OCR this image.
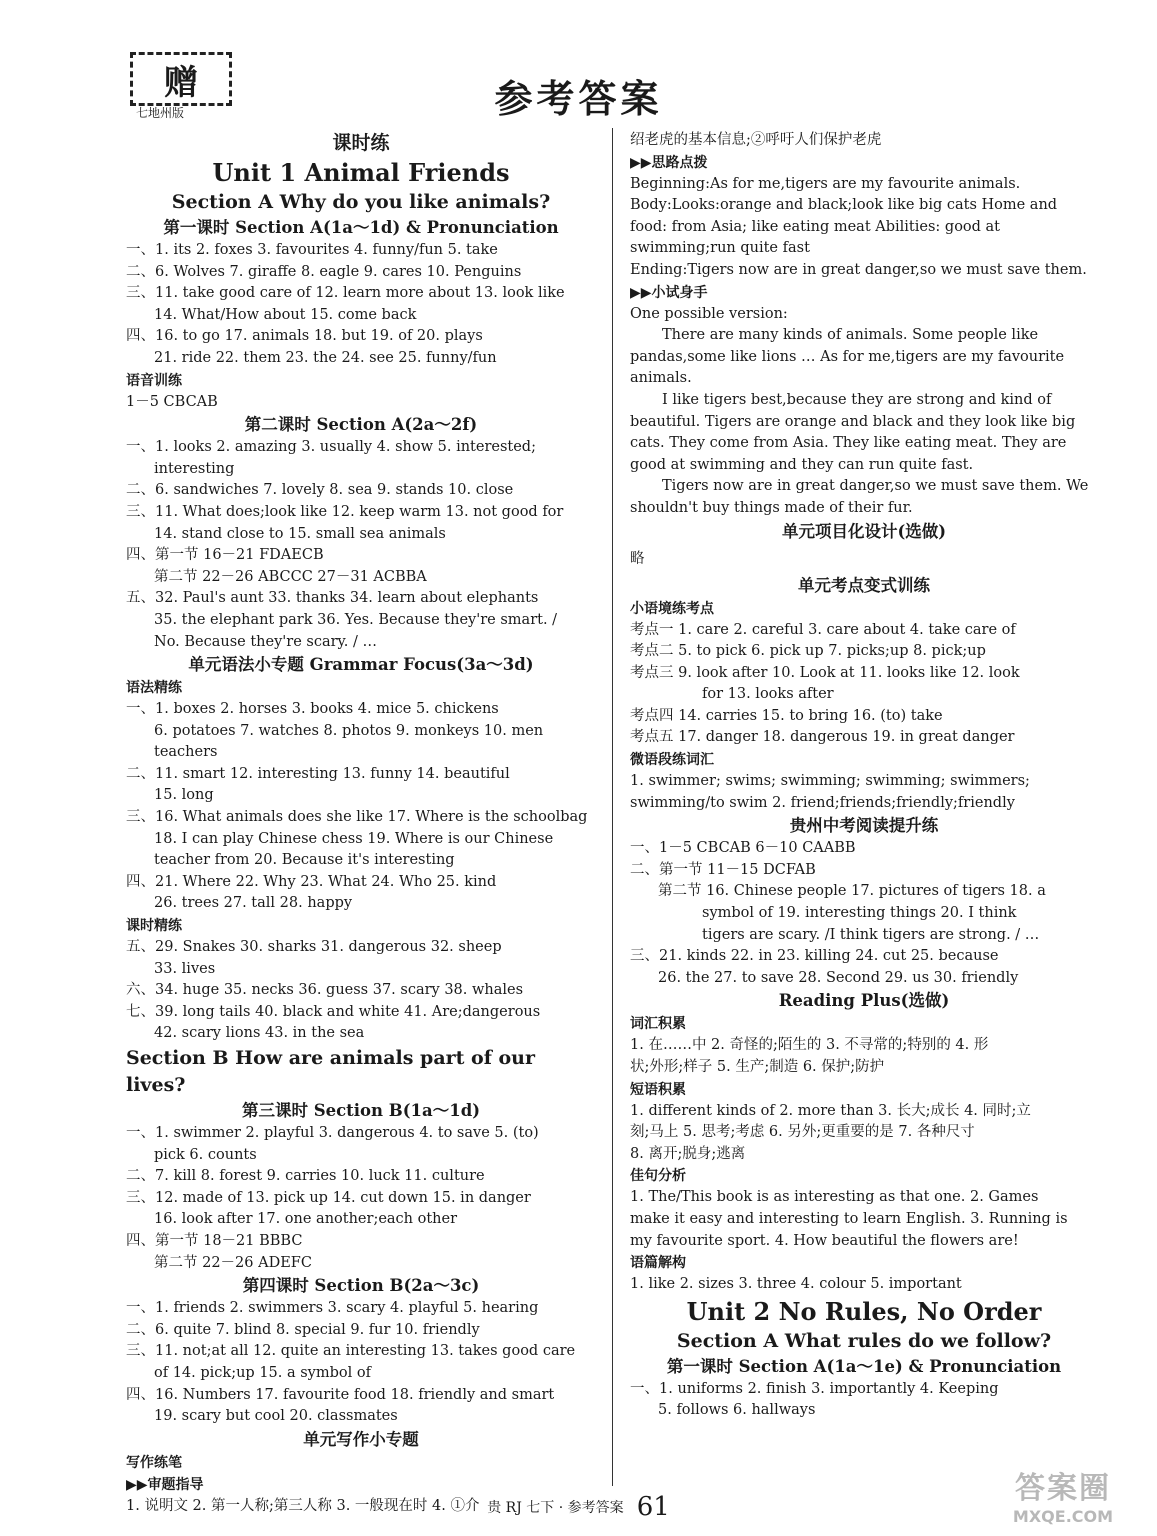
赠
七地州版	参考答案
课时练
Unit 1 Animal Friends
Section A Why do you like animals?
第一课时 Section A(1a～1d) & Pronunciation
一、1. its 2. foxes 3. favourites 4. funny/fun 5. take
二、6. Wolves 7. giraffe 8. eagle 9. cares 10. Penguins
三、11. take good care of 12. learn more about 13. look like
14. What/How about 15. come back
四、16. to go 17. animals 18. but 19. of 20. plays
21. ride 22. them 23. the 24. see 25. funny/fun
语音训练
1－5 CBCAB
第二课时 Section A(2a～2f)
一、1. looks 2. amazing 3. usually 4. show 5. interested;
interesting
二、6. sandwiches 7. lovely 8. sea 9. stands 10. close
三、11. What does;look like 12. keep warm 13. not good for
14. stand close to 15. small sea animals
四、第一节 16－21 FDAECB
第二节 22－26 ABCCC 27－31 ACBBA
五、32. Paul's aunt 33. thanks 34. learn about elephants
35. the elephant park 36. Yes. Because they're smart. /
No. Because they're scary. / …
单元语法小专题 Grammar Focus(3a～3d)
语法精练
一、1. boxes 2. horses 3. books 4. mice 5. chickens
6. potatoes 7. watches 8. photos 9. monkeys 10. men
teachers
二、11. smart 12. interesting 13. funny 14. beautiful
15. long
三、16. What animals does she like 17. Where is the schoolbag
18. I can play Chinese chess 19. Where is our Chinese
teacher from 20. Because it's interesting
四、21. Where 22. Why 23. What 24. Who 25. kind
26. trees 27. tall 28. happy
课时精练
五、29. Snakes 30. sharks 31. dangerous 32. sheep
33. lives
六、34. huge 35. necks 36. guess 37. scary 38. whales
七、39. long tails 40. black and white 41. Are;dangerous
42. scary lions 43. in the sea
Section B How are animals part of our lives?
第三课时 Section B(1a～1d)
一、1. swimmer 2. playful 3. dangerous 4. to save 5. (to)
pick 6. counts
二、7. kill 8. forest 9. carries 10. luck 11. culture
三、12. made of 13. pick up 14. cut down 15. in danger
16. look after 17. one another;each other
四、第一节 18－21 BBBC
第二节 22－26 ADEFC
第四课时 Section B(2a～3c)
一、1. friends 2. swimmers 3. scary 4. playful 5. hearing
二、6. quite 7. blind 8. special 9. fur 10. friendly
三、11. not;at all 12. quite an interesting 13. takes good care
of 14. pick;up 15. a symbol of
四、16. Numbers 17. favourite food 18. friendly and smart
19. scary but cool 20. classmates
单元写作小专题
写作练笔
▶▶审题指导
1. 说明文 2. 第一人称;第三人称 3. 一般现在时 4. ①介
绍老虎的基本信息;②呼吁人们保护老虎
▶▶思路点拨
Beginning:As for me,tigers are my favourite animals.
Body:Looks:orange and black;look like big cats Home and
food: from Asia; like eating meat Abilities: good at
swimming;run quite fast
Ending:Tigers now are in great danger,so we must save them.
▶▶小试身手
One possible version:
There are many kinds of animals. Some people like pandas,some like lions … As for me,tigers are my favourite animals.
I like tigers best,because they are strong and kind of beautiful. Tigers are orange and black and they look like big cats. They come from Asia. They like eating meat. They are good at swimming and they can run quite fast.
Tigers now are in great danger,so we must save them. We shouldn't buy things made of their fur.
单元项目化设计(选做)
略
单元考点变式训练
小语境练考点
考点一 1. care 2. careful 3. care about 4. take care of
考点二 5. to pick 6. pick up 7. picks;up 8. pick;up
考点三 9. look after 10. Look at 11. looks like 12. look
for 13. looks after
考点四 14. carries 15. to bring 16. (to) take
考点五 17. danger 18. dangerous 19. in great danger
微语段练词汇
1. swimmer; swims; swimming; swimming; swimmers;
swimming/to swim 2. friend;friends;friendly;friendly
贵州中考阅读提升练
一、1－5 CBCAB 6－10 CAABB
二、第一节 11－15 DCFAB
第二节 16. Chinese people 17. pictures of tigers 18. a
symbol of 19. interesting things 20. I think
tigers are scary. /I think tigers are strong. / …
三、21. kinds 22. in 23. killing 24. cut 25. because
26. the 27. to save 28. Second 29. us 30. friendly
Reading Plus(选做)
词汇积累
1. 在……中 2. 奇怪的;陌生的 3. 不寻常的;特别的 4. 形
状;外形;样子 5. 生产;制造 6. 保护;防护
短语积累
1. different kinds of 2. more than 3. 长大;成长 4. 同时;立
刻;马上 5. 思考;考虑 6. 另外;更重要的是 7. 各种尺寸
8. 离开;脱身;逃离
佳句分析
1. The/This book is as interesting as that one. 2. Games
make it easy and interesting to learn English. 3. Running is
my favourite sport. 4. How beautiful the flowers are!
语篇解构
1. like 2. sizes 3. three 4. colour 5. important
Unit 2 No Rules, No Order
Section A What rules do we follow?
第一课时 Section A(1a～1e) & Pronunciation
一、1. uniforms 2. finish 3. importantly 4. Keeping
5. follows 6. hallways
贵 RJ 七下 · 参考答案 61
答案圈
MXQE.COM
